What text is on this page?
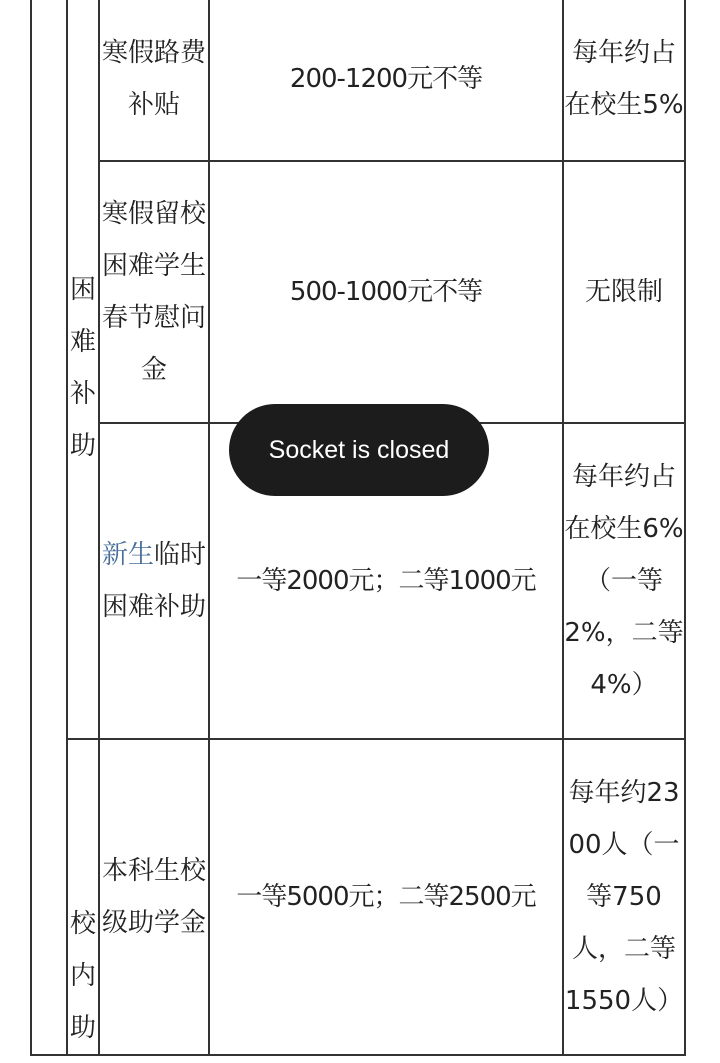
	困难补助	寒假路费补贴	200-1200元不等	每年约占在校生5%
		寒假留校困难学生春节慰问金	500-1000元不等	无限制
		新生临时困难补助	一等2000元；二等1000元	每年约占在校生6%（一等2%，二等4%）
	校内助	本科生校级助学金	一等5000元；二等2500元	每年约2300人（一等750人，二等1550人）
Socket is closed
